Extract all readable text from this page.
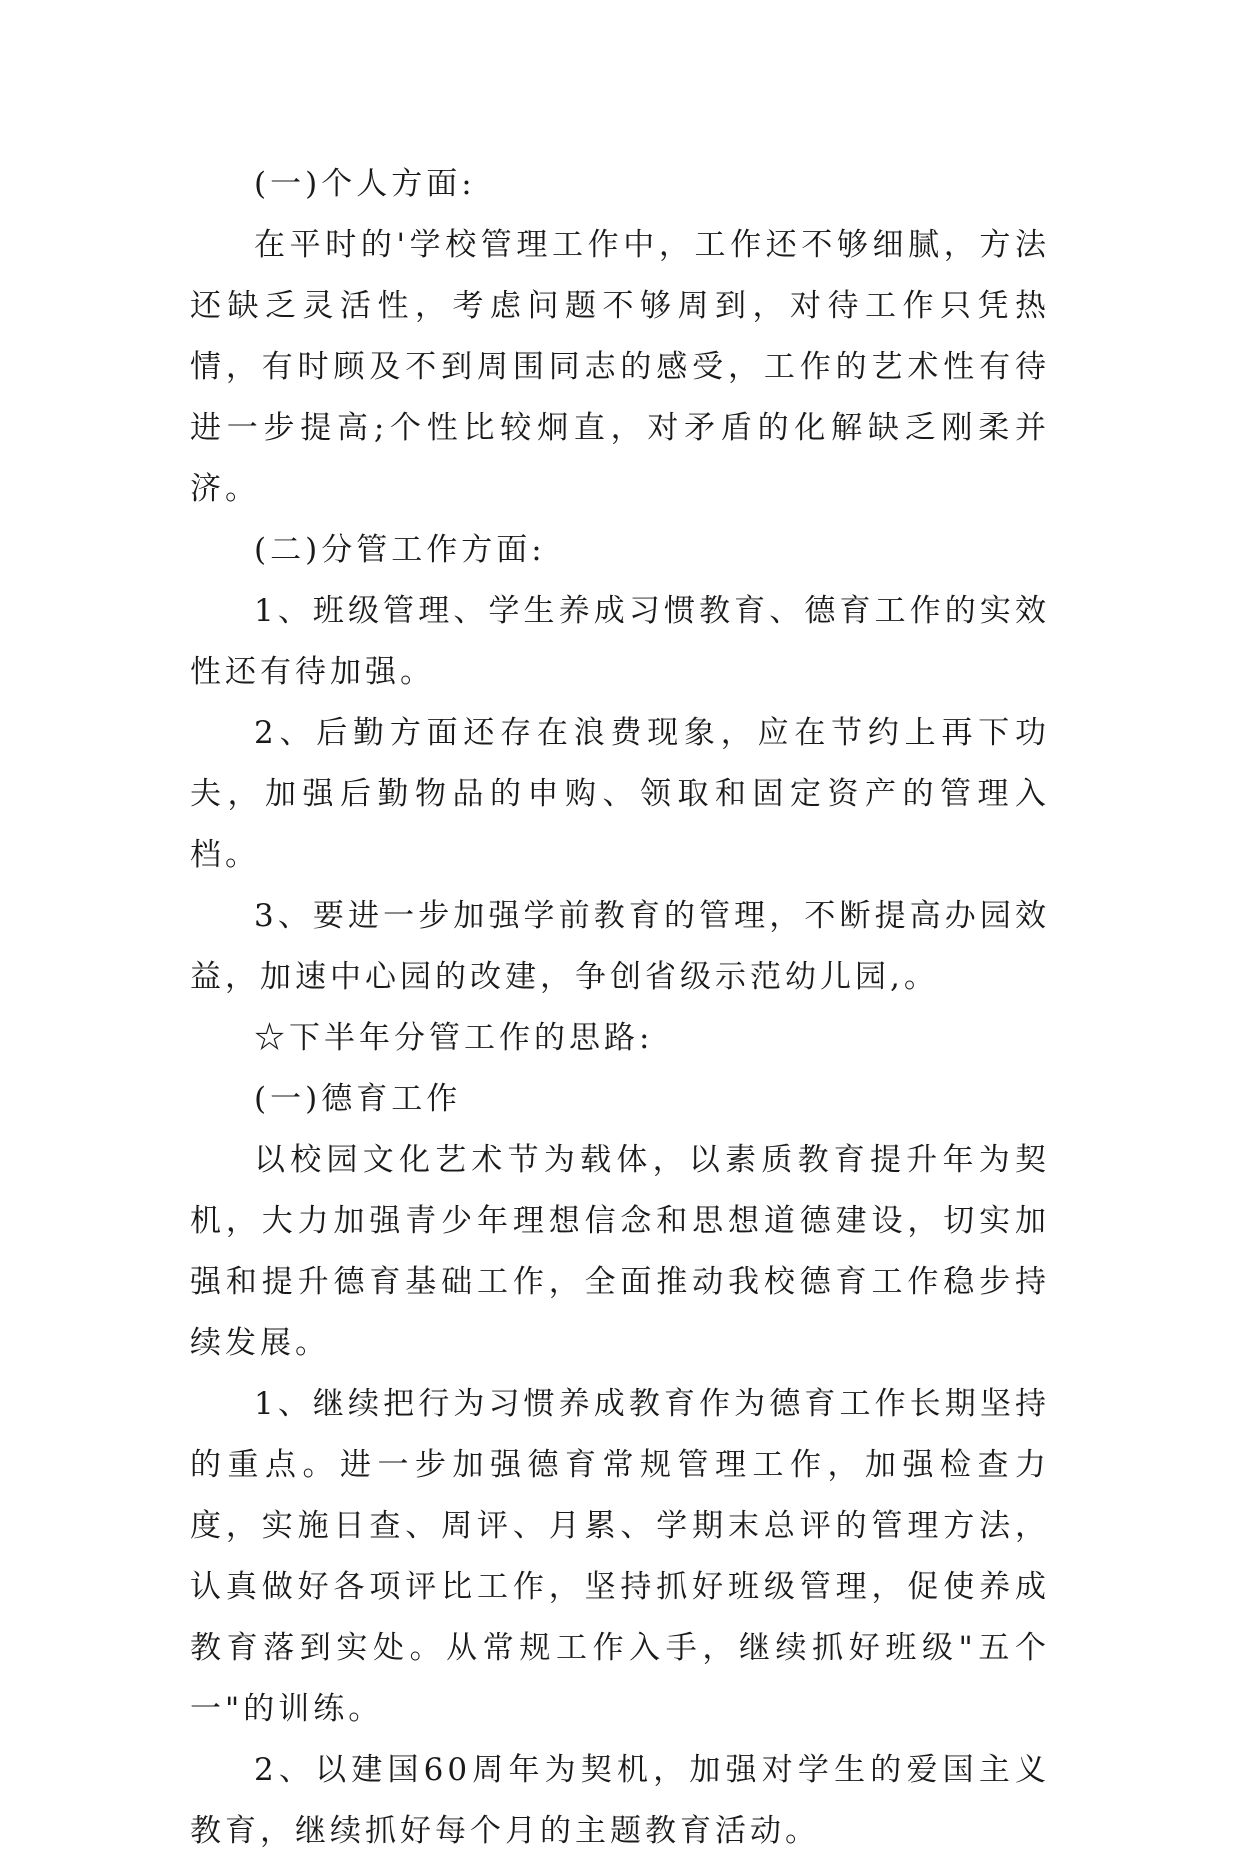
(一)个人方面:

在平时的'学校管理工作中，工作还不够细腻，方法还缺乏灵活性，考虑问题不够周到，对待工作只凭热情，有时顾及不到周围同志的感受，工作的艺术性有待进一步提高;个性比较炯直，对矛盾的化解缺乏刚柔并济。

(二)分管工作方面:

1、班级管理、学生养成习惯教育、德育工作的实效性还有待加强。

2、后勤方面还存在浪费现象，应在节约上再下功夫，加强后勤物品的申购、领取和固定资产的管理入档。

3、要进一步加强学前教育的管理，不断提高办园效益，加速中心园的改建，争创省级示范幼儿园,。

☆下半年分管工作的思路:

(一)德育工作

以校园文化艺术节为载体，以素质教育提升年为契机，大力加强青少年理想信念和思想道德建设，切实加强和提升德育基础工作，全面推动我校德育工作稳步持续发展。

1、继续把行为习惯养成教育作为德育工作长期坚持的重点。进一步加强德育常规管理工作，加强检查力度，实施日查、周评、月累、学期末总评的管理方法，认真做好各项评比工作，坚持抓好班级管理，促使养成教育落到实处。从常规工作入手，继续抓好班级"五个一"的训练。

2、以建国60周年为契机，加强对学生的爱国主义教育，继续抓好每个月的主题教育活动。
